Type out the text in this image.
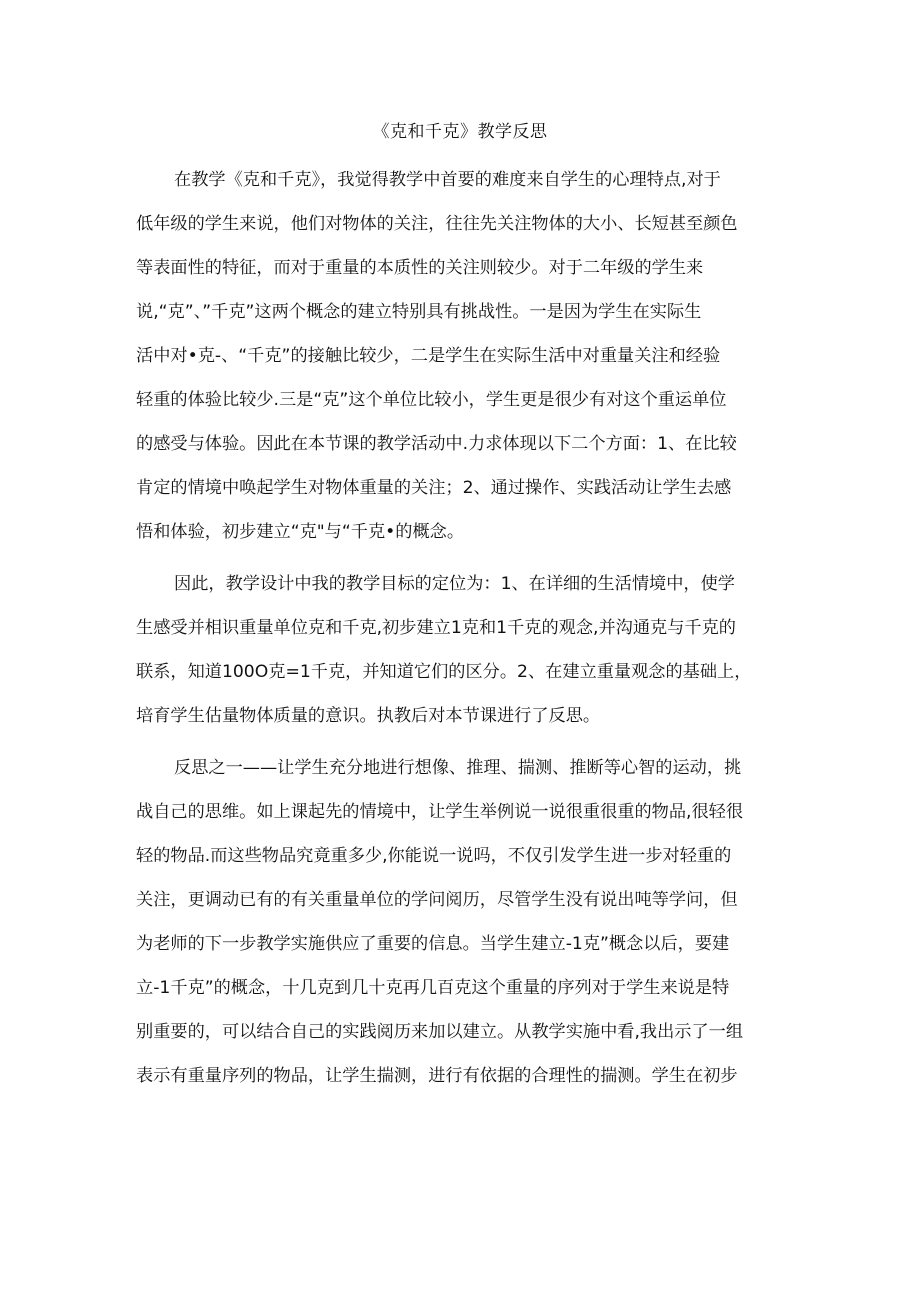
《克和千克》教学反思
在教学《克和千克》，我觉得教学中首要的难度来自学生的心理特点,对于
低年级的学生来说，他们对物体的关注，往往先关注物体的大小、长短甚至颜色
等表面性的特征，而对于重量的本质性的关注则较少。对于二年级的学生来
说,“克”、”千克”这两个概念的建立特别具有挑战性。一是因为学生在实际生
活中对•克-、“千克”的接触比较少，二是学生在实际生活中对重量关注和经验
轻重的体验比较少.三是“克”这个单位比较小，学生更是很少有对这个重运单位
的感受与体验。因此在本节课的教学活动中.力求体现以下二个方面：1、在比较
肯定的情境中唤起学生对物体重量的关注；2、通过操作、实践活动让学生去感
悟和体验，初步建立“克"与“千克•的概念。
因此，教学设计中我的教学目标的定位为：1、在详细的生活情境中，使学
生感受并相识重量单位克和千克,初步建立1克和1千克的观念,并沟通克与千克的
联系，知道100O克=1千克，并知道它们的区分。2、在建立重量观念的基础上，
培育学生估量物体质量的意识。执教后对本节课进行了反思。
反思之一——让学生充分地进行想像、推理、揣测、推断等心智的运动，挑
战自己的思维。如上课起先的情境中，让学生举例说一说很重很重的物品,很轻很
轻的物品.而这些物品究竟重多少,你能说一说吗，不仅引发学生进一步对轻重的
关注，更调动已有的有关重量单位的学问阅历，尽管学生没有说出吨等学问，但
为老师的下一步教学实施供应了重要的信息。当学生建立-1克”概念以后，要建
立-1千克”的概念，十几克到几十克再几百克这个重量的序列对于学生来说是特
别重要的，可以结合自己的实践阅历来加以建立。从教学实施中看,我出示了一组
表示有重量序列的物品，让学生揣测，进行有依据的合理性的揣测。学生在初步
